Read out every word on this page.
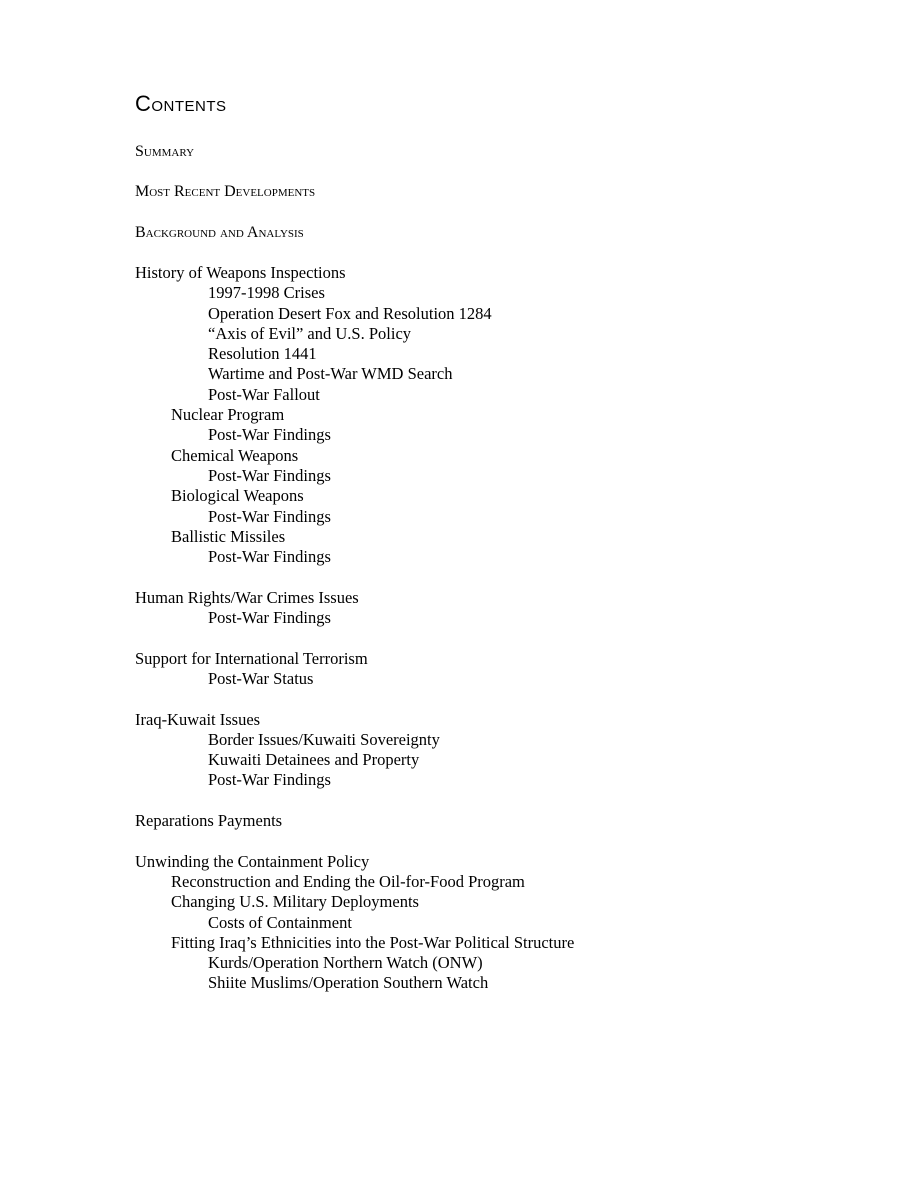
Contents
Summary
Most Recent Developments
Background and Analysis
History of Weapons Inspections
1997-1998 Crises
Operation Desert Fox and Resolution 1284
“Axis of Evil” and U.S. Policy
Resolution 1441
Wartime and Post-War WMD Search
Post-War Fallout
Nuclear Program
Post-War Findings
Chemical Weapons
Post-War Findings
Biological Weapons
Post-War Findings
Ballistic Missiles
Post-War Findings
Human Rights/War Crimes Issues
Post-War Findings
Support for International Terrorism
Post-War Status
Iraq-Kuwait Issues
Border Issues/Kuwaiti Sovereignty
Kuwaiti Detainees and Property
Post-War Findings
Reparations Payments
Unwinding the Containment Policy
Reconstruction and Ending the Oil-for-Food Program
Changing U.S. Military Deployments
Costs of Containment
Fitting Iraq’s Ethnicities into the Post-War Political Structure
Kurds/Operation Northern Watch (ONW)
Shiite Muslims/Operation Southern Watch
